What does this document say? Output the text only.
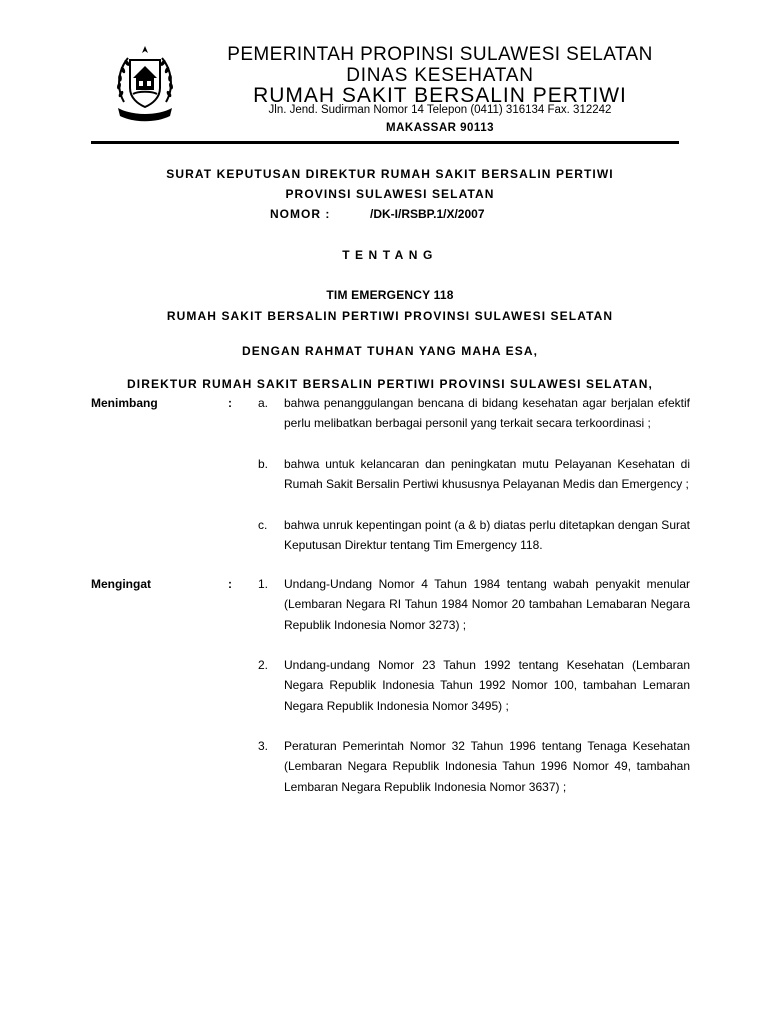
PEMERINTAH PROPINSI SULAWESI SELATAN
DINAS KESEHATAN
RUMAH SAKIT BERSALIN PERTIWI
Jln. Jend. Sudirman Nomor 14 Telepon (0411) 316134 Fax. 312242
MAKASSAR 90113
SURAT KEPUTUSAN DIREKTUR RUMAH SAKIT BERSALIN PERTIWI
PROVINSI SULAWESI SELATAN
NOMOR :	/DK-I/RSBP.1/X/2007
TENTANG
TIM EMERGENCY 118
RUMAH SAKIT BERSALIN PERTIWI PROVINSI SULAWESI SELATAN
DENGAN RAHMAT TUHAN YANG MAHA ESA,
DIREKTUR RUMAH SAKIT BERSALIN PERTIWI PROVINSI SULAWESI SELATAN,
Menimbang	: a. bahwa penanggulangan bencana di bidang kesehatan agar berjalan efektif perlu melibatkan berbagai personil yang terkait secara terkoordinasi ;
b. bahwa untuk kelancaran dan peningkatan mutu Pelayanan Kesehatan di Rumah Sakit Bersalin Pertiwi khususnya Pelayanan Medis dan Emergency ;
c. bahwa unruk kepentingan point (a & b) diatas perlu ditetapkan dengan Surat Keputusan Direktur tentang Tim Emergency 118.
Mengingat	: 1. Undang-Undang Nomor 4 Tahun 1984 tentang wabah penyakit menular (Lembaran Negara RI Tahun 1984 Nomor 20 tambahan Lemabaran Negara Republik Indonesia Nomor 3273) ;
2. Undang-undang Nomor 23 Tahun 1992 tentang Kesehatan (Lembaran Negara Republik Indonesia Tahun 1992 Nomor 100, tambahan Lemaran Negara Republik Indonesia Nomor 3495) ;
3. Peraturan Pemerintah Nomor 32 Tahun 1996 tentang Tenaga Kesehatan (Lembaran Negara Republik Indonesia Tahun 1996 Nomor 49, tambahan Lembaran Negara Republik Indonesia Nomor 3637) ;
